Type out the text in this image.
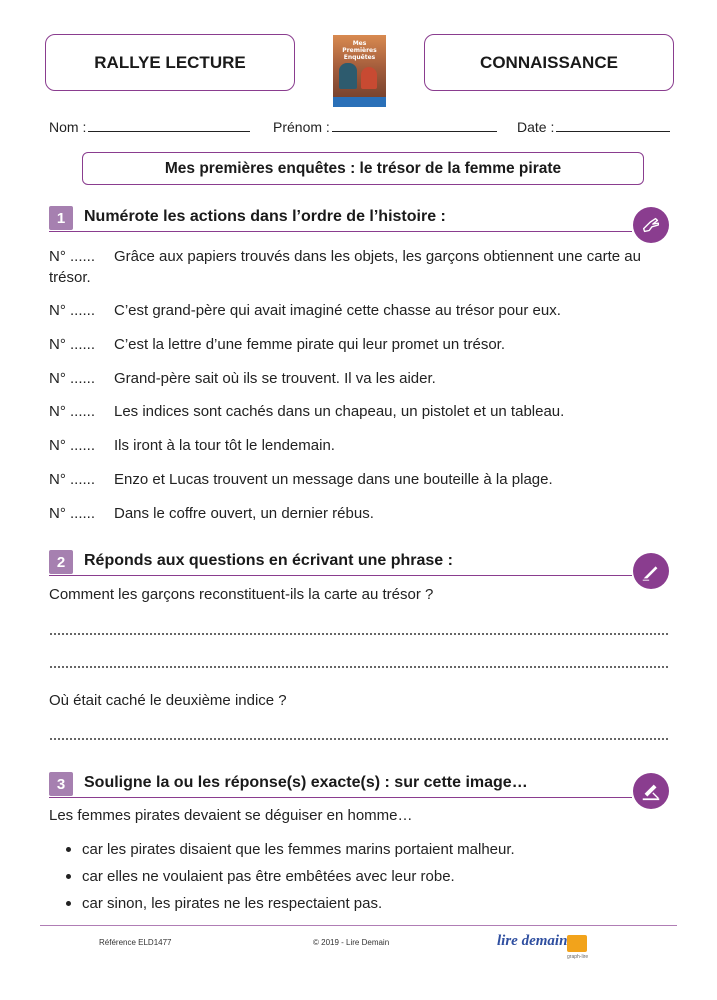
RALLYE LECTURE
Mes Premières Enquêtes	CONNAISSANCE
Nom :	Prénom :	Date :
Mes premières enquêtes : le trésor de la femme pirate
1	Numérote les actions dans l’ordre de l’histoire :
N° ......	Grâce aux papiers trouvés dans les objets, les garçons obtiennent une carte au trésor.
N° ......	C’est grand-père qui avait imaginé cette chasse au trésor pour eux.
N° ......	C’est la lettre d’une femme pirate qui leur promet un trésor.
N° ......	Grand-père sait où ils se trouvent. Il va les aider.
N° ......	Les indices sont cachés dans un chapeau, un pistolet et un tableau.
N° ......	Ils iront à la tour tôt le lendemain.
N° ......	Enzo et Lucas trouvent un message dans une bouteille à la plage.
N° ......	Dans le coffre ouvert, un dernier rébus.
2	Réponds aux questions en écrivant une phrase :
Comment les garçons reconstituent-ils la carte au trésor ?
Où était caché le deuxième indice ?
3	Souligne la ou les réponse(s) exacte(s) : sur cette image…
Les femmes pirates devaient se déguiser en homme…
car les pirates disaient que les femmes marins portaient malheur.
car elles ne voulaient pas être embêtées avec leur robe.
car sinon, les pirates ne les respectaient pas.
Référence ELD1477	© 2019 - Lire Demain	lire demain
graph-lire
